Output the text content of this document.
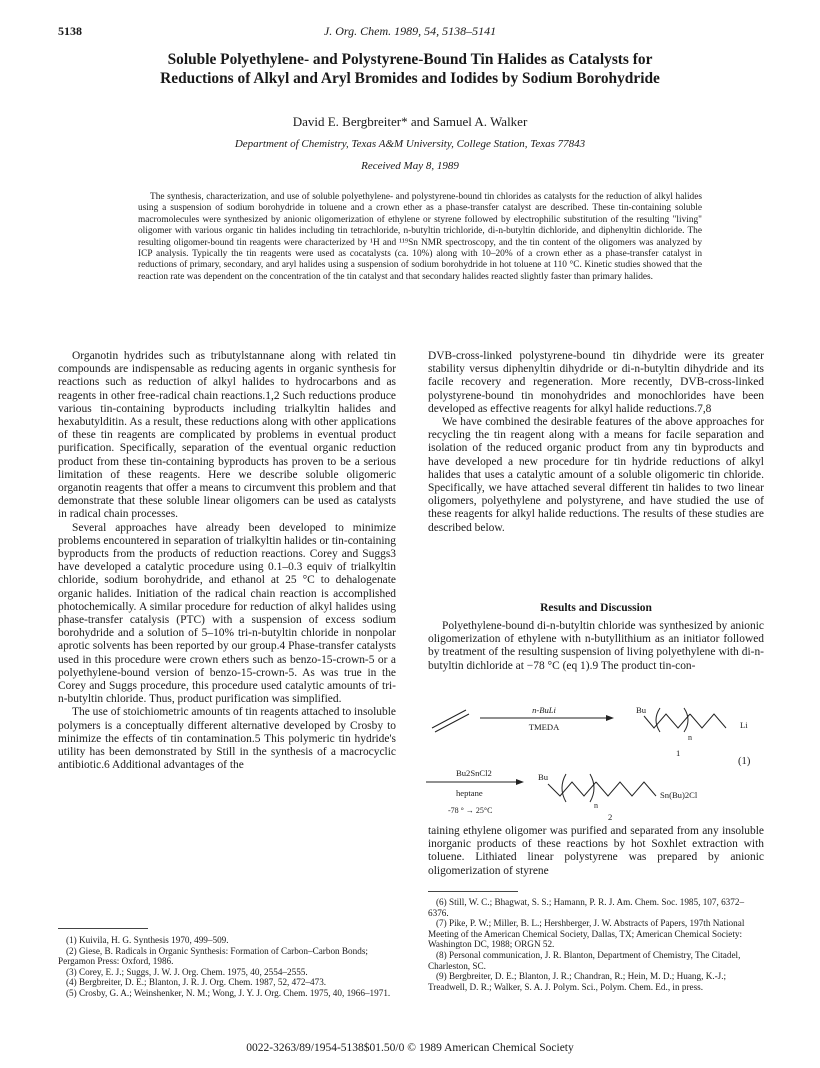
5138	J. Org. Chem. 1989, 54, 5138–5141
Soluble Polyethylene- and Polystyrene-Bound Tin Halides as Catalysts for
Reductions of Alkyl and Aryl Bromides and Iodides by Sodium Borohydride
David E. Bergbreiter* and Samuel A. Walker
Department of Chemistry, Texas A&M University, College Station, Texas 77843
Received May 8, 1989

The synthesis, characterization, and use of soluble polyethylene- and polystyrene-bound tin chlorides as catalysts for the reduction of alkyl halides using a suspension of sodium borohydride in toluene and a crown ether as a phase-transfer catalyst are described. These tin-containing soluble macromolecules were synthesized by anionic oligomerization of ethylene or styrene followed by electrophilic substitution of the resulting "living" oligomer with various organic tin halides including tin tetrachloride, n-butyltin trichloride, di-n-butyltin dichloride, and diphenyltin dichloride. The resulting oligomer-bound tin reagents were characterized by ¹H and ¹¹⁹Sn NMR spectroscopy, and the tin content of the oligomers was analyzed by ICP analysis. Typically the tin reagents were used as cocatalysts (ca. 10%) along with 10–20% of a crown ether as a phase-transfer catalyst in reductions of primary, secondary, and aryl halides using a suspension of sodium borohydride in hot toluene at 110 °C. Kinetic studies showed that the reaction rate was dependent on the concentration of the tin catalyst and that secondary halides reacted slightly faster than primary halides.

Organotin hydrides such as tributylstannane along with related tin compounds are indispensable as reducing agents in organic synthesis for reactions such as reduction of alkyl halides to hydrocarbons and as reagents in other free-radical chain reactions.1,2 Such reductions produce various tin-containing byproducts including trialkyltin halides and hexabutylditin. As a result, these reductions along with other applications of these tin reagents are complicated by problems in eventual product purification. Specifically, separation of the eventual organic reduction product from these tin-containing byproducts has proven to be a serious limitation of these reagents. Here we describe soluble oligomeric organotin reagents that offer a means to circumvent this problem and that demonstrate that these soluble linear oligomers can be used as catalysts in radical chain processes.

Several approaches have already been developed to minimize problems encountered in separation of trialkyltin halides or tin-containing byproducts from the products of reduction reactions. Corey and Suggs3 have developed a catalytic procedure using 0.1–0.3 equiv of trialkyltin chloride, sodium borohydride, and ethanol at 25 °C to dehalogenate organic halides. Initiation of the radical chain reaction is accomplished photochemically. A similar procedure for reduction of alkyl halides using phase-transfer catalysis (PTC) with a suspension of excess sodium borohydride and a solution of 5–10% tri-n-butyltin chloride in nonpolar aprotic solvents has been reported by our group.4 Phase-transfer catalysts used in this procedure were crown ethers such as benzo-15-crown-5 or a polyethylene-bound version of benzo-15-crown-5. As was true in the Corey and Suggs procedure, this procedure used catalytic amounts of tri-n-butyltin chloride. Thus, product purification was simplified.

The use of stoichiometric amounts of tin reagents attached to insoluble polymers is a conceptually different alternative developed by Crosby to minimize the effects of tin contamination.5 This polymeric tin hydride's utility has been demonstrated by Still in the synthesis of a macrocyclic antibiotic.6 Additional advantages of the

DVB-cross-linked polystyrene-bound tin dihydride were its greater stability versus diphenyltin dihydride or di-n-butyltin dihydride and its facile recovery and regeneration. More recently, DVB-cross-linked polystyrene-bound tin monohydrides and monochlorides have been developed as effective reagents for alkyl halide reductions.7,8

We have combined the desirable features of the above approaches for recycling the tin reagent along with a means for facile separation and isolation of the reduced organic product from any tin byproducts and have developed a new procedure for tin hydride reductions of alkyl halides that uses a catalytic amount of a soluble oligomeric tin chloride. Specifically, we have attached several different tin halides to two linear oligomers, polyethylene and polystyrene, and have studied the use of these reagents for alkyl halide reductions. The results of these studies are described below.

Results and Discussion

Polyethylene-bound di-n-butyltin chloride was synthesized by anionic oligomerization of ethylene with n-butyllithium as an initiator followed by treatment of the resulting suspension of living polyethylene with di-n-butyltin dichloride at −78 °C (eq 1).9 The product tin-con-

n-BuLi
TMEDA
Bu
n
Li
1
Bu2SnCl2
heptane
-78 ° → 25°C
Bu
n
Sn(Bu)2Cl
2
(1)

taining ethylene oligomer was purified and separated from any insoluble inorganic products of these reactions by hot Soxhlet extraction with toluene. Lithiated linear polystyrene was prepared by anionic oligomerization of styrene

(1) Kuivila, H. G. Synthesis 1970, 499–509.
(2) Giese, B. Radicals in Organic Synthesis: Formation of Carbon–Carbon Bonds; Pergamon Press: Oxford, 1986.
(3) Corey, E. J.; Suggs, J. W. J. Org. Chem. 1975, 40, 2554–2555.
(4) Bergbreiter, D. E.; Blanton, J. R. J. Org. Chem. 1987, 52, 472–473.
(5) Crosby, G. A.; Weinshenker, N. M.; Wong, J. Y. J. Org. Chem. 1975, 40, 1966–1971.
(6) Still, W. C.; Bhagwat, S. S.; Hamann, P. R. J. Am. Chem. Soc. 1985, 107, 6372–6376.
(7) Pike, P. W.; Miller, B. L.; Hershberger, J. W. Abstracts of Papers, 197th National Meeting of the American Chemical Society, Dallas, TX; American Chemical Society: Washington DC, 1988; ORGN 52.
(8) Personal communication, J. R. Blanton, Department of Chemistry, The Citadel, Charleston, SC.
(9) Bergbreiter, D. E.; Blanton, J. R.; Chandran, R.; Hein, M. D.; Huang, K.-J.; Treadwell, D. R.; Walker, S. A. J. Polym. Sci., Polym. Chem. Ed., in press.
0022-3263/89/1954-5138$01.50/0 © 1989 American Chemical Society
